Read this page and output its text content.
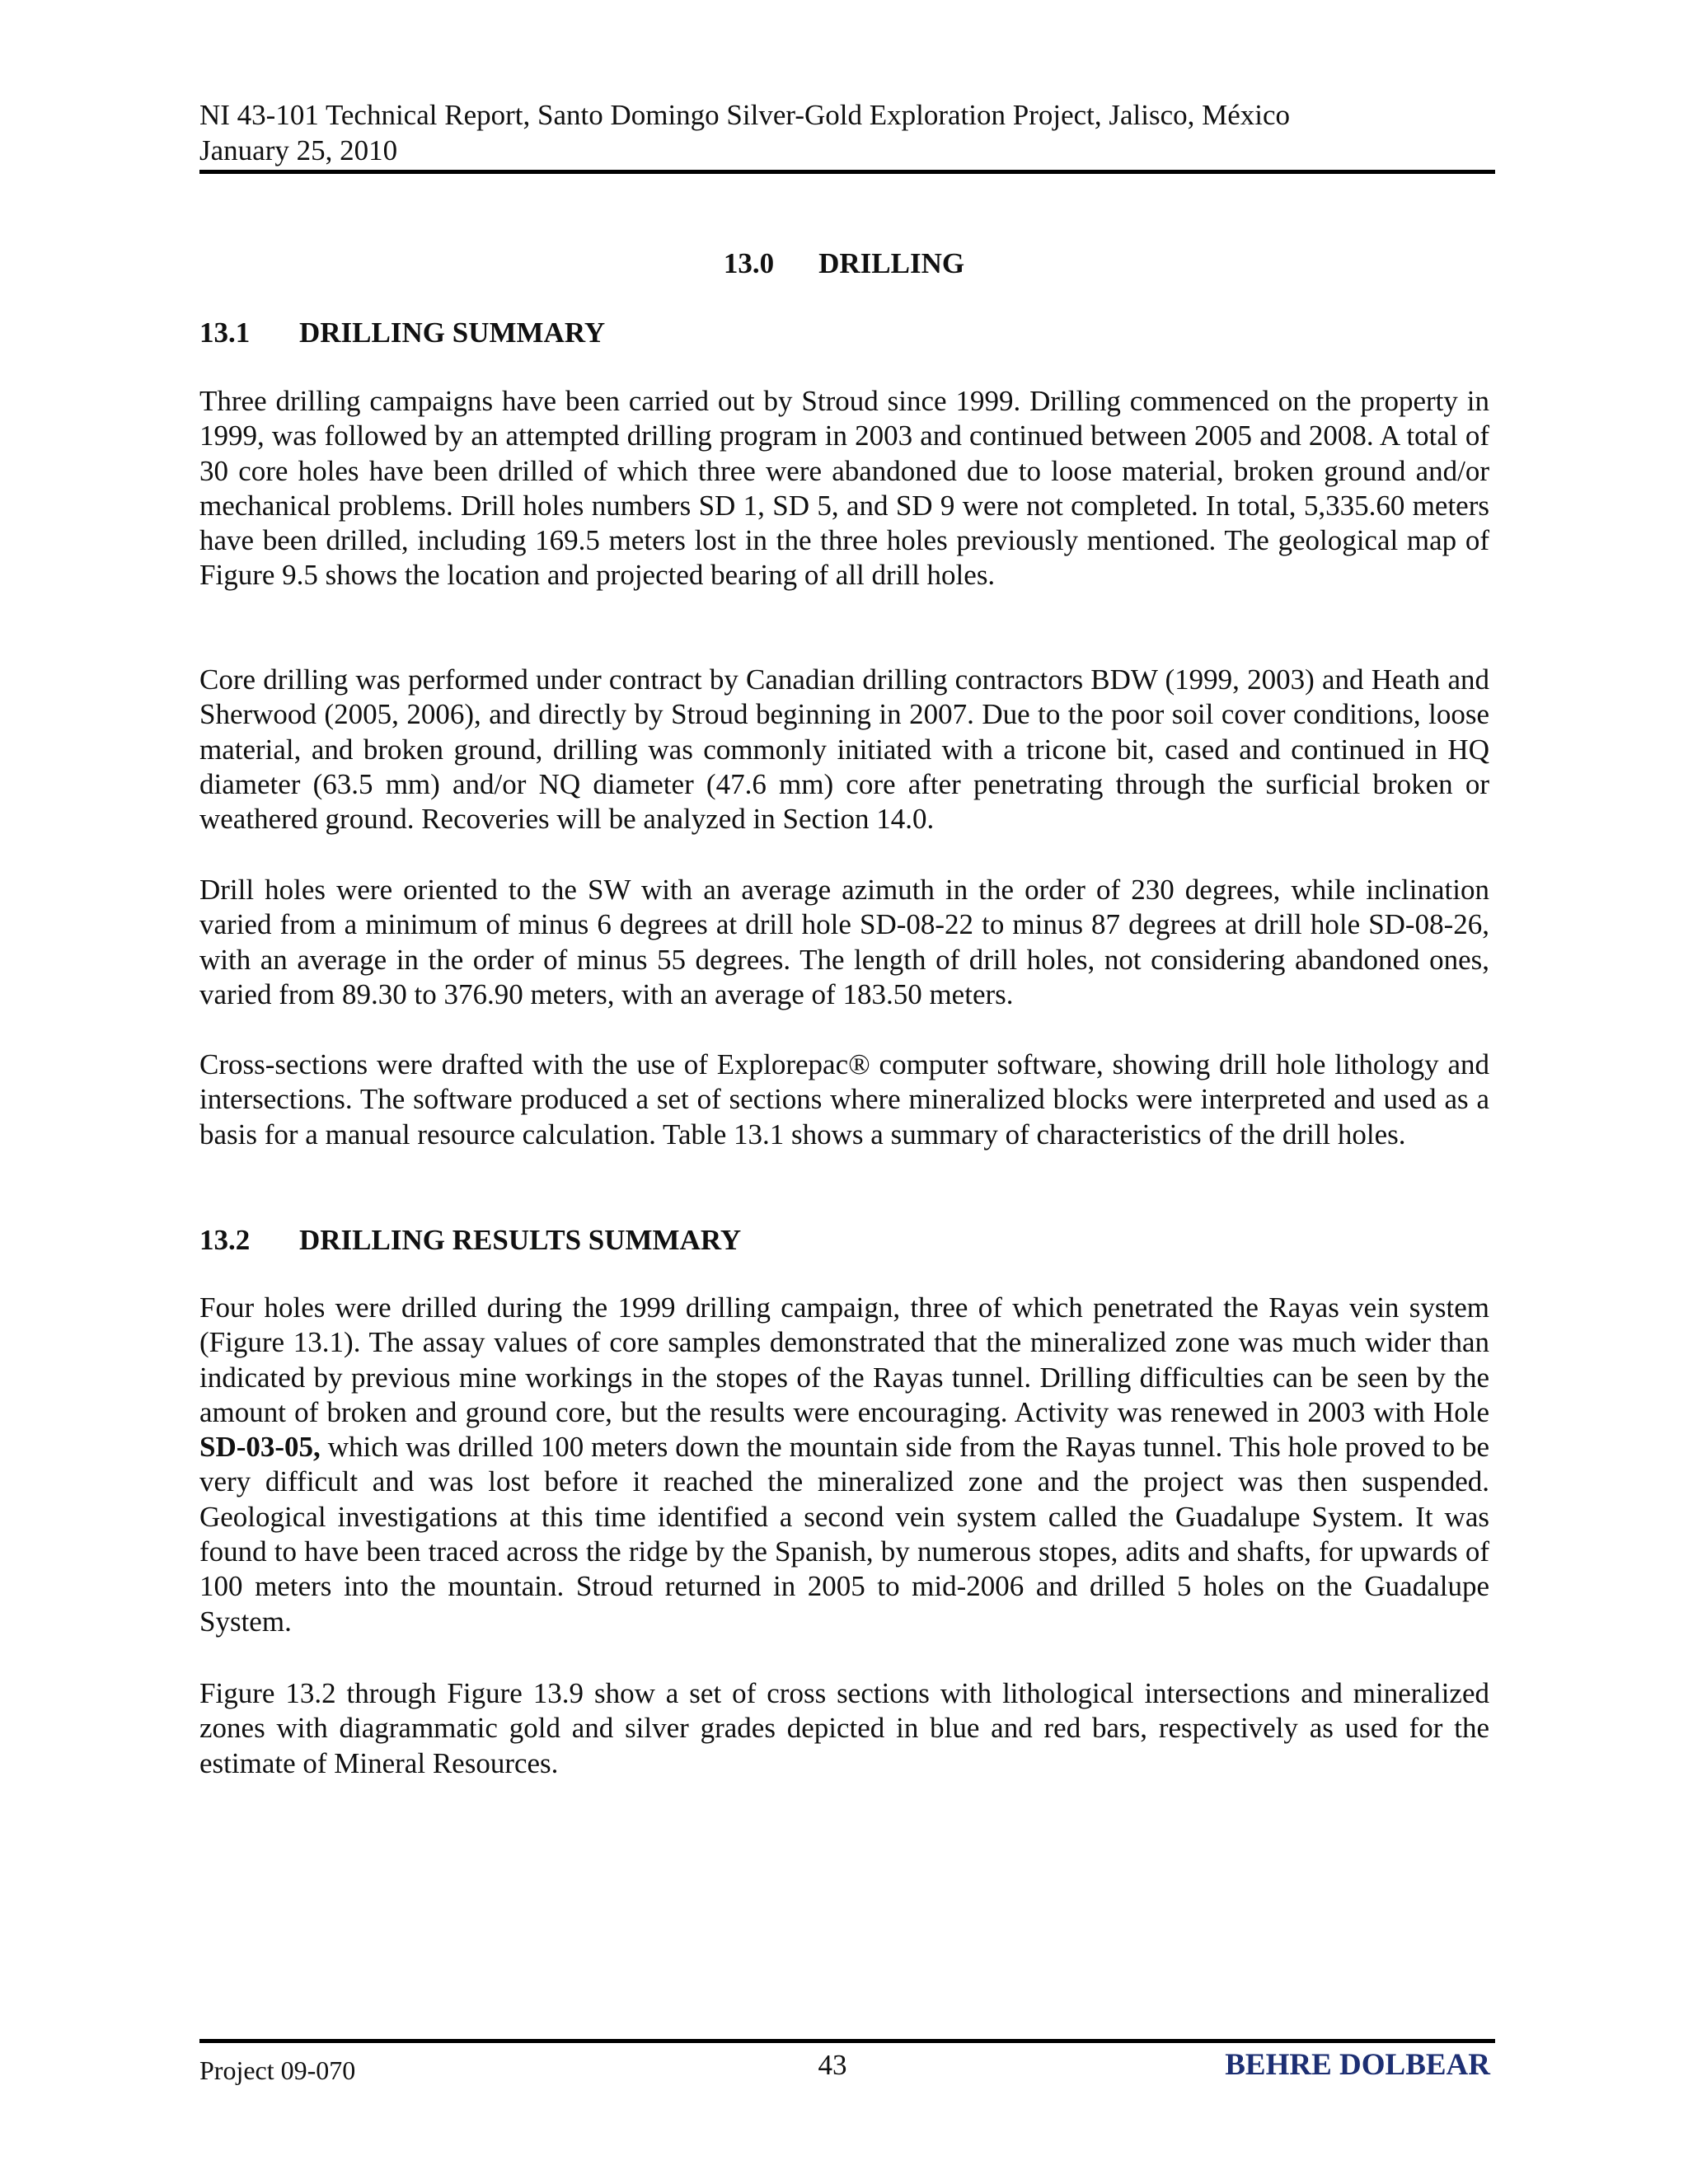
NI 43-101 Technical Report, Santo Domingo Silver-Gold Exploration Project, Jalisco, México
January 25, 2010
13.0 DRILLING
13.1 DRILLING SUMMARY

Three drilling campaigns have been carried out by Stroud since 1999. Drilling commenced on the property in 1999, was followed by an attempted drilling program in 2003 and continued between 2005 and 2008. A total of 30 core holes have been drilled of which three were abandoned due to loose material, broken ground and/or mechanical problems. Drill holes numbers SD 1, SD 5, and SD 9 were not completed. In total, 5,335.60 meters have been drilled, including 169.5 meters lost in the three holes previously mentioned. The geological map of Figure 9.5 shows the location and projected bearing of all drill holes.

Core drilling was performed under contract by Canadian drilling contractors BDW (1999, 2003) and Heath and Sherwood (2005, 2006), and directly by Stroud beginning in 2007. Due to the poor soil cover conditions, loose material, and broken ground, drilling was commonly initiated with a tricone bit, cased and continued in HQ diameter (63.5 mm) and/or NQ diameter (47.6 mm) core after penetrating through the surficial broken or weathered ground. Recoveries will be analyzed in Section 14.0.

Drill holes were oriented to the SW with an average azimuth in the order of 230 degrees, while inclination varied from a minimum of minus 6 degrees at drill hole SD-08-22 to minus 87 degrees at drill hole SD-08-26, with an average in the order of minus 55 degrees. The length of drill holes, not considering abandoned ones, varied from 89.30 to 376.90 meters, with an average of 183.50 meters.

Cross-sections were drafted with the use of Explorepac® computer software, showing drill hole lithology and intersections. The software produced a set of sections where mineralized blocks were interpreted and used as a basis for a manual resource calculation. Table 13.1 shows a summary of characteristics of the drill holes.

13.2 DRILLING RESULTS SUMMARY

Four holes were drilled during the 1999 drilling campaign, three of which penetrated the Rayas vein system (Figure 13.1). The assay values of core samples demonstrated that the mineralized zone was much wider than indicated by previous mine workings in the stopes of the Rayas tunnel. Drilling difficulties can be seen by the amount of broken and ground core, but the results were encouraging. Activity was renewed in 2003 with Hole SD-03-05, which was drilled 100 meters down the mountain side from the Rayas tunnel. This hole proved to be very difficult and was lost before it reached the mineralized zone and the project was then suspended. Geological investigations at this time identified a second vein system called the Guadalupe System. It was found to have been traced across the ridge by the Spanish, by numerous stopes, adits and shafts, for upwards of 100 meters into the mountain. Stroud returned in 2005 to mid-2006 and drilled 5 holes on the Guadalupe System.

Figure 13.2 through Figure 13.9 show a set of cross sections with lithological intersections and mineralized zones with diagrammatic gold and silver grades depicted in blue and red bars, respectively as used for the estimate of Mineral Resources.

Project 09-070	43	BEHRE DOLBEAR
